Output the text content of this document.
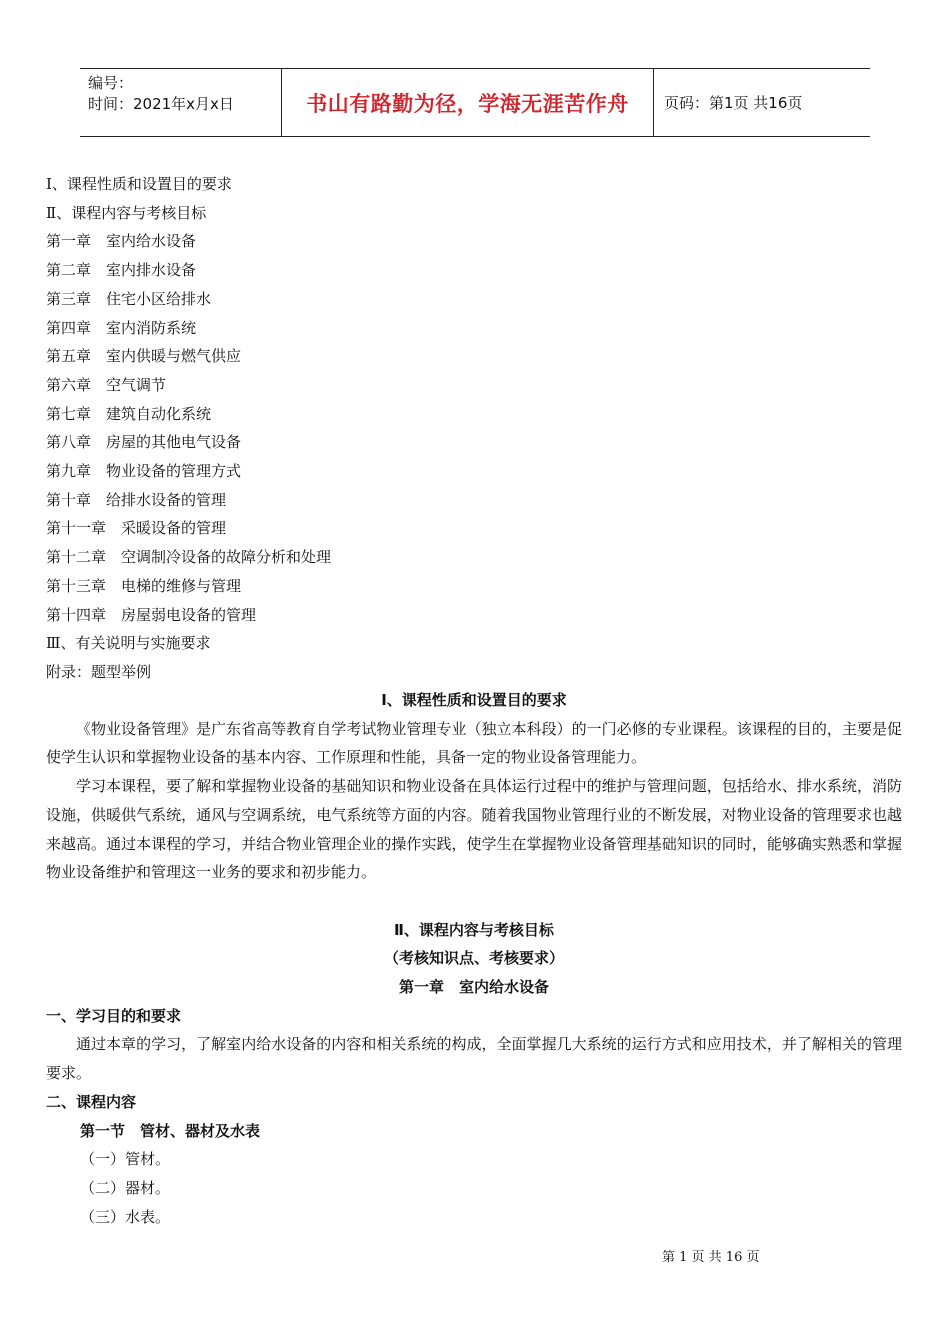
编号：
时间：2021年x月x日	书山有路勤为径，学海无涯苦作舟 页码：第1页 共16页
Ⅰ、课程性质和设置目的要求
Ⅱ、课程内容与考核目标
第一章　室内给水设备
第二章　室内排水设备
第三章　住宅小区给排水
第四章　室内消防系统
第五章　室内供暖与燃气供应
第六章　空气调节
第七章　建筑自动化系统
第八章　房屋的其他电气设备
第九章　物业设备的管理方式
第十章　给排水设备的管理
第十一章　采暖设备的管理
第十二章　空调制冷设备的故障分析和处理
第十三章　电梯的维修与管理
第十四章　房屋弱电设备的管理
Ⅲ、有关说明与实施要求
附录：题型举例
Ⅰ、课程性质和设置目的要求
《物业设备管理》是广东省高等教育自学考试物业管理专业（独立本科段）的一门必修的专业课程。该课程的目的，主要是促使学生认识和掌握物业设备的基本内容、工作原理和性能，具备一定的物业设备管理能力。
学习本课程，要了解和掌握物业设备的基础知识和物业设备在具体运行过程中的维护与管理问题，包括给水、排水系统，消防设施，供暖供气系统，通风与空调系统，电气系统等方面的内容。随着我国物业管理行业的不断发展，对物业设备的管理要求也越来越高。通过本课程的学习，并结合物业管理企业的操作实践，使学生在掌握物业设备管理基础知识的同时，能够确实熟悉和掌握物业设备维护和管理这一业务的要求和初步能力。
Ⅱ、课程内容与考核目标
（考核知识点、考核要求）
第一章　室内给水设备
一、学习目的和要求
通过本章的学习，了解室内给水设备的内容和相关系统的构成，全面掌握几大系统的运行方式和应用技术，并了解相关的管理要求。
二、课程内容
第一节　管材、器材及水表
（一）管材。
（二）器材。
（三）水表。
第 1 页 共 16 页
